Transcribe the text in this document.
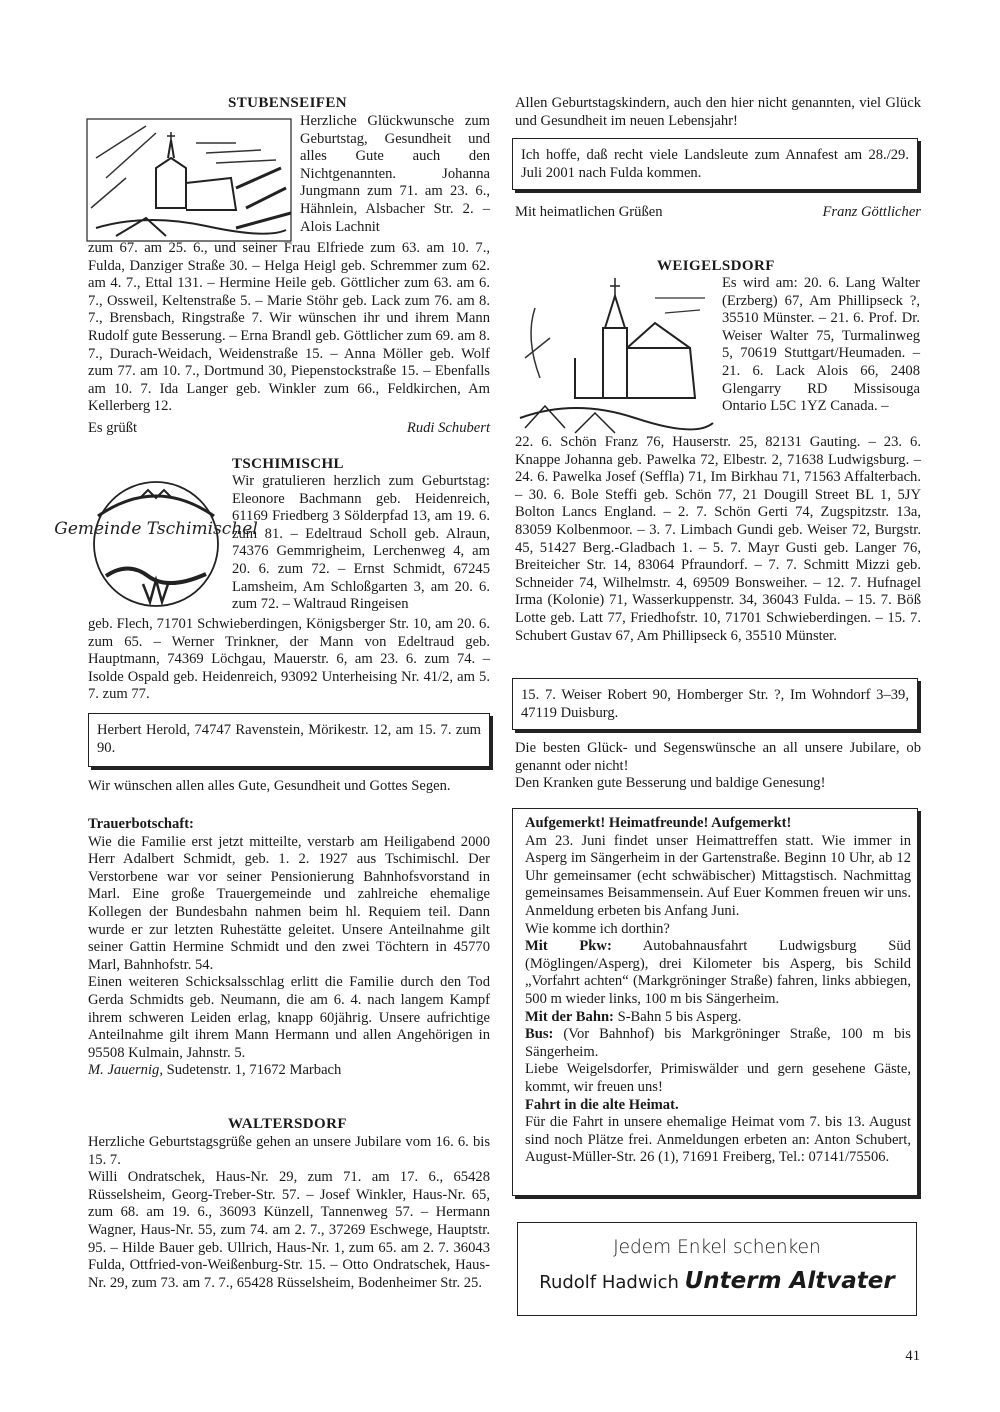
STUBENSEIFEN
Herzliche Glückwunsche zum Geburtstag, Gesundheit und alles Gute auch den Nichtgenannten. Johanna Jungmann zum 71. am 23. 6., Hähnlein, Alsbacher Str. 2. – Alois Lachnit
zum 67. am 25. 6., und seiner Frau Elfriede zum 63. am 10. 7., Fulda, Danziger Straße 30. – Helga Heigl geb. Schremmer zum 62. am 4. 7., Ettal 131. – Hermine Heile geb. Göttlicher zum 63. am 6. 7., Ossweil, Keltenstraße 5. – Marie Stöhr geb. Lack zum 76. am 8. 7., Brensbach, Ringstraße 7. Wir wünschen ihr und ihrem Mann Rudolf gute Besserung. – Erna Brandl geb. Göttlicher zum 69. am 8. 7., Durach-Weidach, Weidenstraße 15. – Anna Möller geb. Wolf zum 77. am 10. 7., Dortmund 30, Piepenstockstraße 15. – Ebenfalls am 10. 7. Ida Langer geb. Winkler zum 66., Feldkirchen, Am Kellerberg 12.
Es grüßt	Rudi Schubert
TSCHIMISCHL
Gemeinde Tschimischel
Wir gratulieren herzlich zum Geburtstag: Eleonore Bachmann geb. Heidenreich, 61169 Friedberg 3 Sölderpfad 13, am 19. 6. zum 81. – Edeltraud Scholl geb. Alraun, 74376 Gemmrigheim, Lerchenweg 4, am 20. 6. zum 72. – Ernst Schmidt, 67245 Lamsheim, Am Schloßgarten 3, am 20. 6. zum 72. – Waltraud Ringeisen
geb. Flech, 71701 Schwieberdingen, Königsberger Str. 10, am 20. 6. zum 65. – Werner Trinkner, der Mann von Edeltraud geb. Hauptmann, 74369 Löchgau, Mauerstr. 6, am 23. 6. zum 74. – Isolde Ospald geb. Heidenreich, 93092 Unterheising Nr. 41/2, am 5. 7. zum 77.
Herbert Herold, 74747 Ravenstein, Mörikestr. 12, am 15. 7. zum 90.
Wir wünschen allen alles Gute, Gesundheit und Gottes Segen.
Trauerbotschaft:

Wie die Familie erst jetzt mitteilte, verstarb am Heiligabend 2000 Herr Adalbert Schmidt, geb. 1. 2. 1927 aus Tschimischl. Der Verstorbene war vor seiner Pensionierung Bahnhofsvorstand in Marl. Eine große Trauergemeinde und zahlreiche ehemalige Kollegen der Bundesbahn nahmen beim hl. Requiem teil. Dann wurde er zur letzten Ruhestätte geleitet. Unsere Anteilnahme gilt seiner Gattin Hermine Schmidt und den zwei Töchtern in 45770 Marl, Bahnhofstr. 54.

Einen weiteren Schicksalsschlag erlitt die Familie durch den Tod Gerda Schmidts geb. Neumann, die am 6. 4. nach langem Kampf ihrem schweren Leiden erlag, knapp 60jährig. Unsere aufrichtige Anteilnahme gilt ihrem Mann Hermann und allen Angehörigen in 95508 Kulmain, Jahnstr. 5.

M. Jauernig, Sudetenstr. 1, 71672 Marbach

WALTERSDORF

Herzliche Geburtstagsgrüße gehen an unsere Jubilare vom 16. 6. bis 15. 7.

Willi Ondratschek, Haus-Nr. 29, zum 71. am 17. 6., 65428 Rüsselsheim, Georg-Treber-Str. 57. – Josef Winkler, Haus-Nr. 65, zum 68. am 19. 6., 36093 Künzell, Tannenweg 57. – Hermann Wagner, Haus-Nr. 55, zum 74. am 2. 7., 37269 Eschwege, Hauptstr. 95. – Hilde Bauer geb. Ullrich, Haus-Nr. 1, zum 65. am 2. 7. 36043 Fulda, Ottfried-von-Weißenburg-Str. 15. – Otto Ondratschek, Haus-Nr. 29, zum 73. am 7. 7., 65428 Rüsselsheim, Bodenheimer Str. 25.

Allen Geburtstagskindern, auch den hier nicht genannten, viel Glück und Gesundheit im neuen Lebensjahr!
Ich hoffe, daß recht viele Landsleute zum Annafest am 28./29. Juli 2001 nach Fulda kommen.
Mit heimatlichen Grüßen	Franz Göttlicher
WEIGELSDORF
Es wird am: 20. 6. Lang Walter (Erzberg) 67, Am Phillipseck ?, 35510 Münster. – 21. 6. Prof. Dr. Weiser Walter 75, Turmalinweg 5, 70619 Stuttgart/Heumaden. – 21. 6. Lack Alois 66, 2408 Glengarry RD Missisouga Ontario L5C 1YZ Canada. –
22. 6. Schön Franz 76, Hauserstr. 25, 82131 Gauting. – 23. 6. Knappe Johanna geb. Pawelka 72, Elbestr. 2, 71638 Ludwigsburg. – 24. 6. Pawelka Josef (Seffla) 71, Im Birkhau 71, 71563 Affalterbach. – 30. 6. Bole Steffi geb. Schön 77, 21 Dougill Street BL 1, 5JY Bolton Lancs England. – 2. 7. Schön Gerti 74, Zugspitzstr. 13a, 83059 Kolbenmoor. – 3. 7. Limbach Gundi geb. Weiser 72, Burgstr. 45, 51427 Berg.-Gladbach 1. – 5. 7. Mayr Gusti geb. Langer 76, Breiteicher Str. 14, 83064 Pfraundorf. – 7. 7. Schmitt Mizzi geb. Schneider 74, Wilhelmstr. 4, 69509 Bonsweiher. – 12. 7. Hufnagel Irma (Kolonie) 71, Wasserkuppenstr. 34, 36043 Fulda. – 15. 7. Böß Lotte geb. Latt 77, Friedhofstr. 10, 71701 Schwieberdingen. – 15. 7. Schubert Gustav 67, Am Phillipseck 6, 35510 Münster.
15. 7. Weiser Robert 90, Homberger Str. ?, Im Wohndorf 3–39, 47119 Duisburg.

Die besten Glück- und Segenswünsche an all unsere Jubilare, ob genannt oder nicht!

Den Kranken gute Besserung und baldige Genesung!

Aufgemerkt! Heimatfreunde! Aufgemerkt!

Am 23. Juni findet unser Heimattreffen statt. Wie immer in Asperg im Sängerheim in der Gartenstraße. Beginn 10 Uhr, ab 12 Uhr gemeinsamer (echt schwäbischer) Mittagstisch. Nachmittag gemeinsames Beisammensein. Auf Euer Kommen freuen wir uns. Anmeldung erbeten bis Anfang Juni.

Wie komme ich dorthin?

Mit Pkw: Autobahnausfahrt Ludwigsburg Süd (Möglingen/Asperg), drei Kilometer bis Asperg, bis Schild „Vorfahrt achten“ (Markgröninger Straße) fahren, links abbiegen, 500 m wieder links, 100 m bis Sängerheim.

Mit der Bahn: S-Bahn 5 bis Asperg.

Bus: (Vor Bahnhof) bis Markgröninger Straße, 100 m bis Sängerheim.

Liebe Weigelsdorfer, Primiswälder und gern gesehene Gäste, kommt, wir freuen uns!

Fahrt in die alte Heimat.

Für die Fahrt in unsere ehemalige Heimat vom 7. bis 13. August sind noch Plätze frei. Anmeldungen erbeten an: Anton Schubert, August-Müller-Str. 26 (1), 71691 Freiberg, Tel.: 07141/75506.

Jedem Enkel schenken
Rudolf Hadwich Unterm Altvater
41
